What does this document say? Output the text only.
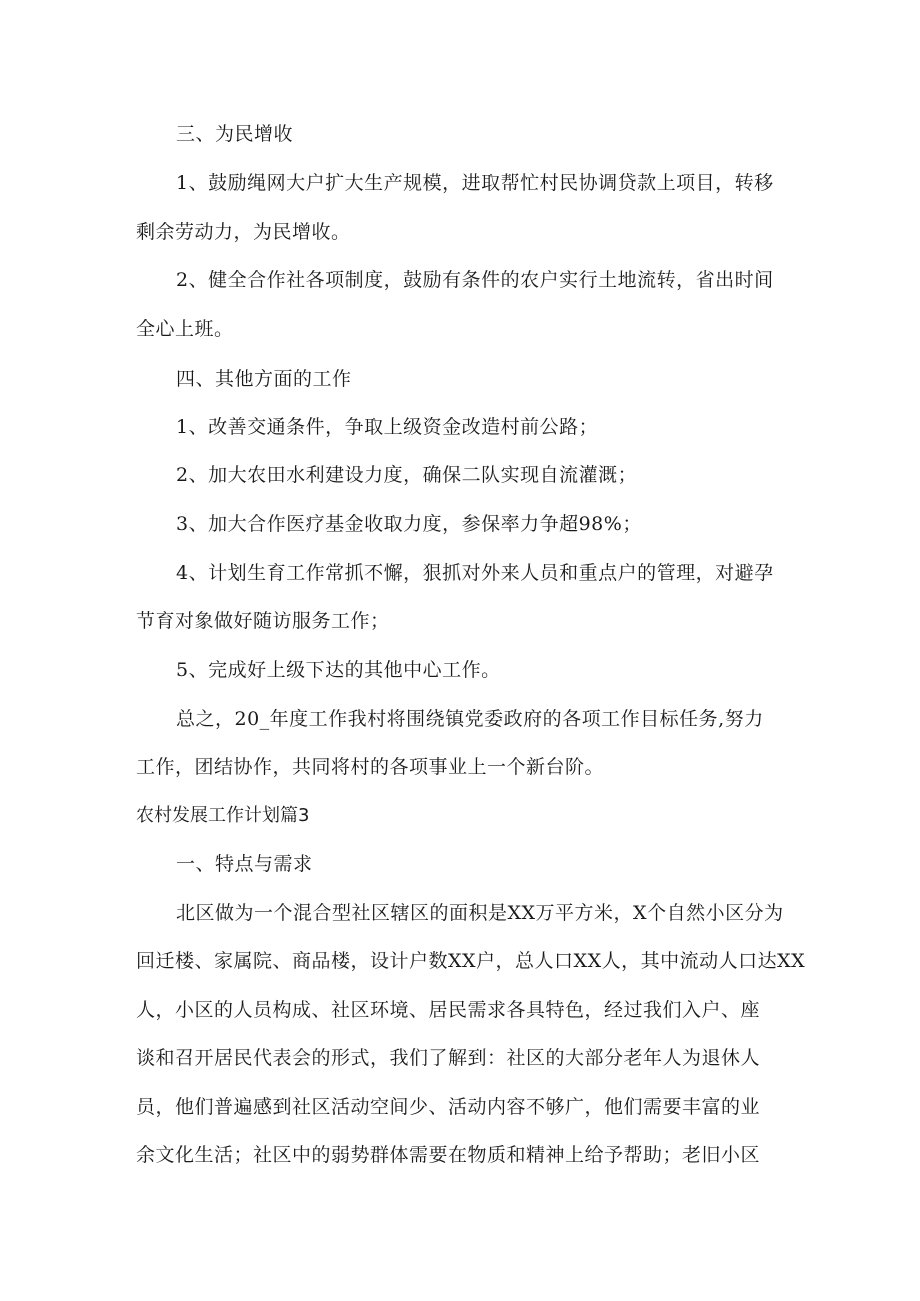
三、为民增收
1、鼓励绳网大户扩大生产规模，进取帮忙村民协调贷款上项目，转移
剩余劳动力，为民增收。
2、健全合作社各项制度，鼓励有条件的农户实行土地流转，省出时间
全心上班。
四、其他方面的工作
1、改善交通条件，争取上级资金改造村前公路；
2、加大农田水利建设力度，确保二队实现自流灌溉；
3、加大合作医疗基金收取力度，参保率力争超98%；
4、计划生育工作常抓不懈，狠抓对外来人员和重点户的管理，对避孕
节育对象做好随访服务工作；
5、完成好上级下达的其他中心工作。
总之，20_年度工作我村将围绕镇党委政府的各项工作目标任务,努力
工作，团结协作，共同将村的各项事业上一个新台阶。
农村发展工作计划篇3
一、特点与需求
北区做为一个混合型社区辖区的面积是XX万平方米，X个自然小区分为
回迁楼、家属院、商品楼，设计户数XX户，总人口XX人，其中流动人口达XX
人，小区的人员构成、社区环境、居民需求各具特色，经过我们入户、座
谈和召开居民代表会的形式，我们了解到：社区的大部分老年人为退休人
员，他们普遍感到社区活动空间少、活动内容不够广，他们需要丰富的业
余文化生活；社区中的弱势群体需要在物质和精神上给予帮助；老旧小区
